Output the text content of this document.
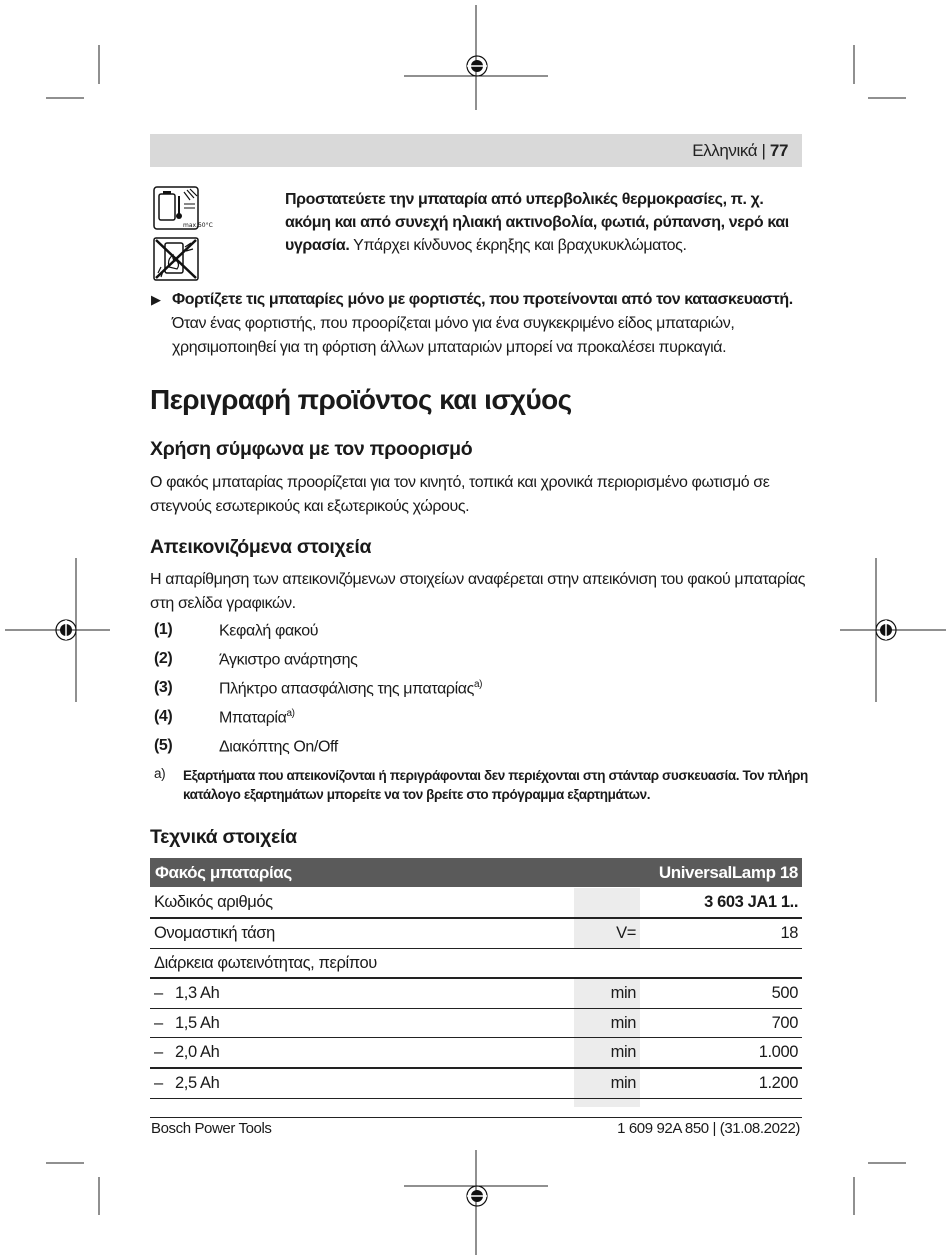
Ελληνικά | 77
max.50°C
Προστατεύετε την μπαταρία από υπερβολικές θερμοκρασίες, π. χ. ακόμη και από συνεχή ηλιακή ακτινοβολία, φωτιά, ρύπανση, νερό και υγρασία. Υπάρχει κίνδυνος έκρηξης και βραχυκυκλώματος.
▶ Φορτίζετε τις μπαταρίες μόνο με φορτιστές, που προτείνονται από τον κατασκευαστή. Όταν ένας φορτιστής, που προορίζεται μόνο για ένα συγκεκριμένο είδος μπαταριών, χρησιμοποιηθεί για τη φόρτιση άλλων μπαταριών μπορεί να προκαλέσει πυρκαγιά.
Περιγραφή προϊόντος και ισχύος
Χρήση σύμφωνα με τον προορισμό
Ο φακός μπαταρίας προορίζεται για τον κινητό, τοπικά και χρονικά περιορισμένο φωτισμό σε στεγνούς εσωτερικούς και εξωτερικούς χώρους.
Απεικονιζόμενα στοιχεία
Η απαρίθμηση των απεικονιζόμενων στοιχείων αναφέρεται στην απεικόνιση του φακού μπαταρίας στη σελίδα γραφικών.
(1)	Κεφαλή φακού
(2)	Άγκιστρο ανάρτησης
(3)	Πλήκτρο απασφάλισης της μπαταρίας$^{a)}$
(4)	Μπαταρία$^{a)}$
(5)	Διακόπτης On/Off
a) Εξαρτήματα που απεικονίζονται ή περιγράφονται δεν περιέχονται στη στάνταρ συσκευασία. Τον πλήρη κατάλογο εξαρτημάτων μπορείτε να τον βρείτε στο πρόγραμμα εξαρτημάτων.
Τεχνικά στοιχεία
Φακός μπαταρίας	UniversalLamp 18
Κωδικός αριθμός	3 603 JA1 1..
Ονομαστική τάση	V=	18
Διάρκεια φωτεινότητας, περίπου
– 1,3 Ah	min	500
– 1,5 Ah	min	700
– 2,0 Ah	min	1.000
– 2,5 Ah	min	1.200
Bosch Power Tools	1 609 92A 850 | (31.08.2022)
